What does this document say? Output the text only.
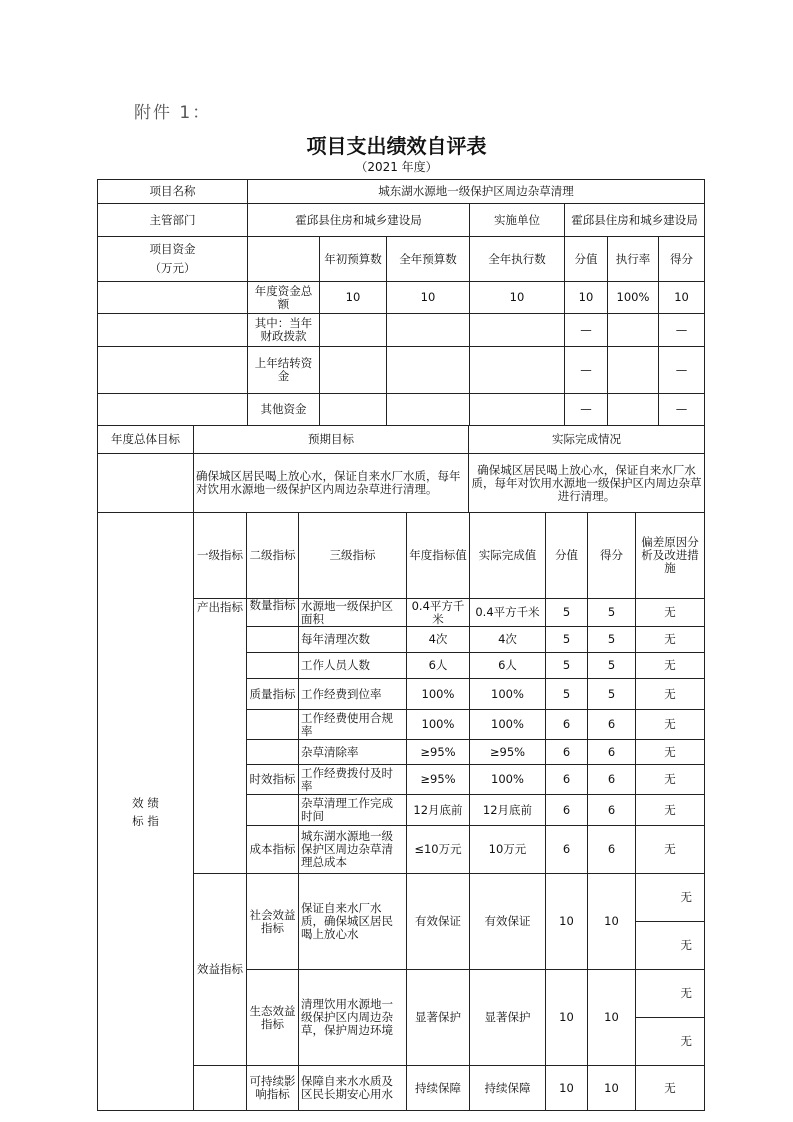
附件 1：
项目支出绩效自评表
（2021 年度）
项目名称	城东湖水源地一级保护区周边杂草清理						
主管部门	霍邱县住房和城乡建设局			实施单位	霍邱县住房和城乡建设局		

项目资金
（万元）		年初预算数	全年预算数	全年执行数	分值	执行率	得分
	年度资金总额	10	10	10	10	100%	10
	其中：当年财政拨款				—		—
	上年结转资金				—		—
	其他资金				—		—
年度总体目标	预期目标	实际完成情况
	确保城区居民喝上放心水，保证自来水厂水质，每年对饮用水源地一级保护区内周边杂草进行清理。	确保城区居民喝上放心水，保证自来水厂水质，每年对饮用水源地一级保护区内周边杂草进行清理。
效 绩 标 指	一级指标	二级指标	三级指标	年度指标值	实际完成值	分值	得分	偏差原因分析及改进措施
	产出指标	数量指标	水源地一级保护区面积	0.4平方千米	0.4平方千米	5	5	无
			每年清理次数	4次	4次	5	5	无
			工作人员人数	6人	6人	5	5	无
		质量指标	工作经费到位率	100%	100%	5	5	无
			工作经费使用合规率	100%	100%	6	6	无
			杂草清除率	≥95%	≥95%	6	6	无
		时效指标	工作经费拨付及时率	≥95%	100%	6	6	无
			杂草清理工作完成时间	12月底前	12月底前	6	6	无
		成本指标	城东湖水源地一级保护区周边杂草清理总成本	≤10万元	10万元	6	6	无
	效益指标	社会效益指标	保证自来水厂水质，确保城区居民喝上放心水	有效保证	有效保证	10	10	无
								无
		生态效益指标	清理饮用水源地一级保护区内周边杂草，保护周边环境	显著保护	显著保护	10	10	无
								无
		可持续影响指标	保障自来水水质及区民长期安心用水	持续保障	持续保障	10	10	无
